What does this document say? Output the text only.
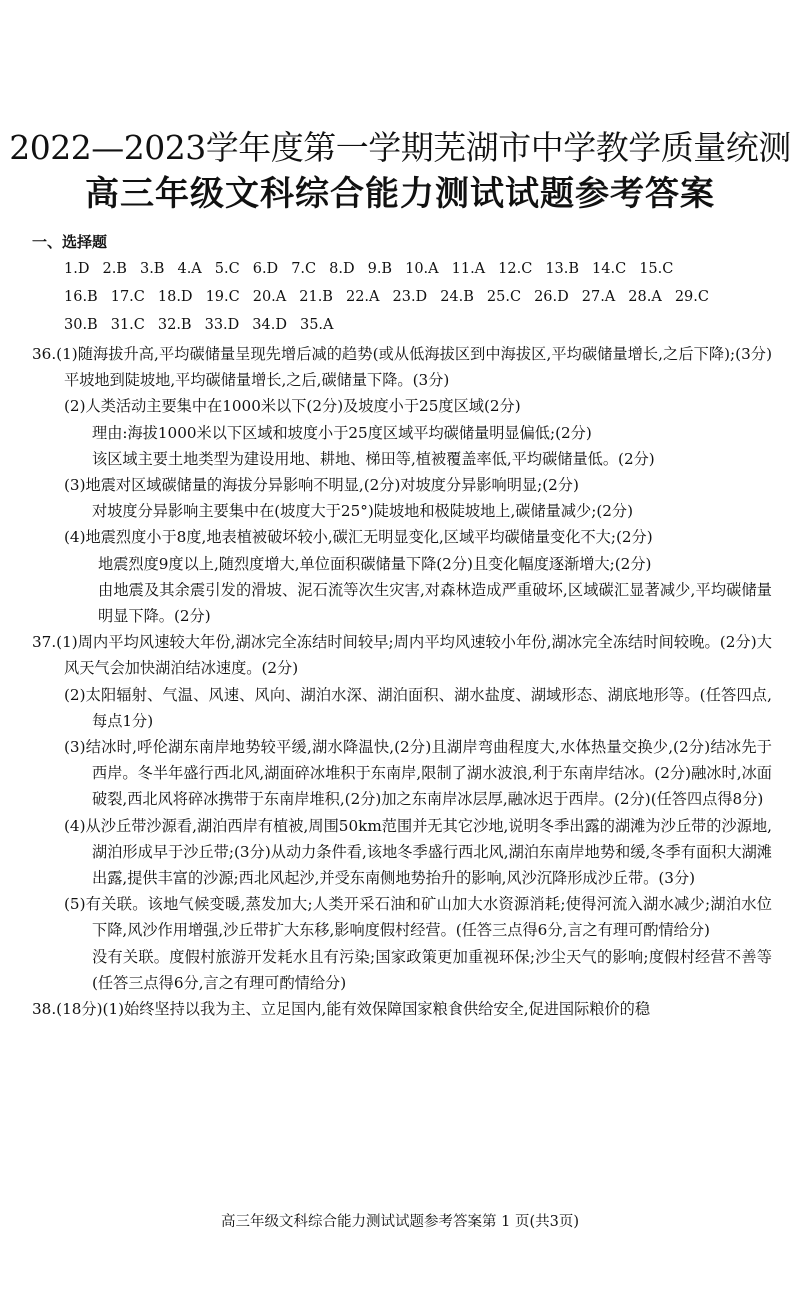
2022—2023学年度第一学期芜湖市中学教学质量统测
高三年级文科综合能力测试试题参考答案
一、选择题
1.D 2.B 3.B 4.A 5.C 6.D 7.C 8.D 9.B 10.A 11.A 12.C 13.B 14.C 15.C
16.B 17.C 18.D 19.C 20.A 21.B 22.A 23.D 24.B 25.C 26.D 27.A 28.A 29.C
30.B 31.C 32.B 33.D 34.D 35.A

36.(1)随海拔升高,平均碳储量呈现先增后减的趋势(或从低海拔区到中海拔区,平均碳储量增长,之后下降);(3分)平坡地到陡坡地,平均碳储量增长,之后,碳储量下降。(3分)

(2)人类活动主要集中在1000米以下(2分)及坡度小于25度区域(2分)

理由:海拔1000米以下区域和坡度小于25度区域平均碳储量明显偏低;(2分)

该区域主要土地类型为建设用地、耕地、梯田等,植被覆盖率低,平均碳储量低。(2分)

(3)地震对区域碳储量的海拔分异影响不明显,(2分)对坡度分异影响明显;(2分)

对坡度分异影响主要集中在(坡度大于25°)陡坡地和极陡坡地上,碳储量减少;(2分)

(4)地震烈度小于8度,地表植被破坏较小,碳汇无明显变化,区域平均碳储量变化不大;(2分)

地震烈度9度以上,随烈度增大,单位面积碳储量下降(2分)且变化幅度逐渐增大;(2分)

由地震及其余震引发的滑坡、泥石流等次生灾害,对森林造成严重破坏,区域碳汇显著减少,平均碳储量明显下降。(2分)

37.(1)周内平均风速较大年份,湖冰完全冻结时间较早;周内平均风速较小年份,湖冰完全冻结时间较晚。(2分)大风天气会加快湖泊结冰速度。(2分)

(2)太阳辐射、气温、风速、风向、湖泊水深、湖泊面积、湖水盐度、湖域形态、湖底地形等。(任答四点,每点1分)

(3)结冰时,呼伦湖东南岸地势较平缓,湖水降温快,(2分)且湖岸弯曲程度大,水体热量交换少,(2分)结冰先于西岸。冬半年盛行西北风,湖面碎冰堆积于东南岸,限制了湖水波浪,利于东南岸结冰。(2分)融冰时,冰面破裂,西北风将碎冰携带于东南岸堆积,(2分)加之东南岸冰层厚,融冰迟于西岸。(2分)(任答四点得8分)

(4)从沙丘带沙源看,湖泊西岸有植被,周围50km范围并无其它沙地,说明冬季出露的湖滩为沙丘带的沙源地,湖泊形成早于沙丘带;(3分)从动力条件看,该地冬季盛行西北风,湖泊东南岸地势和缓,冬季有面积大湖滩出露,提供丰富的沙源;西北风起沙,并受东南侧地势抬升的影响,风沙沉降形成沙丘带。(3分)

(5)有关联。该地气候变暖,蒸发加大;人类开采石油和矿山加大水资源消耗;使得河流入湖水减少;湖泊水位下降,风沙作用增强,沙丘带扩大东移,影响度假村经营。(任答三点得6分,言之有理可酌情给分)

没有关联。度假村旅游开发耗水且有污染;国家政策更加重视环保;沙尘天气的影响;度假村经营不善等(任答三点得6分,言之有理可酌情给分)

38.(18分)(1)始终坚持以我为主、立足国内,能有效保障国家粮食供给安全,促进国际粮价的稳

高三年级文科综合能力测试试题参考答案第 1 页(共3页)
